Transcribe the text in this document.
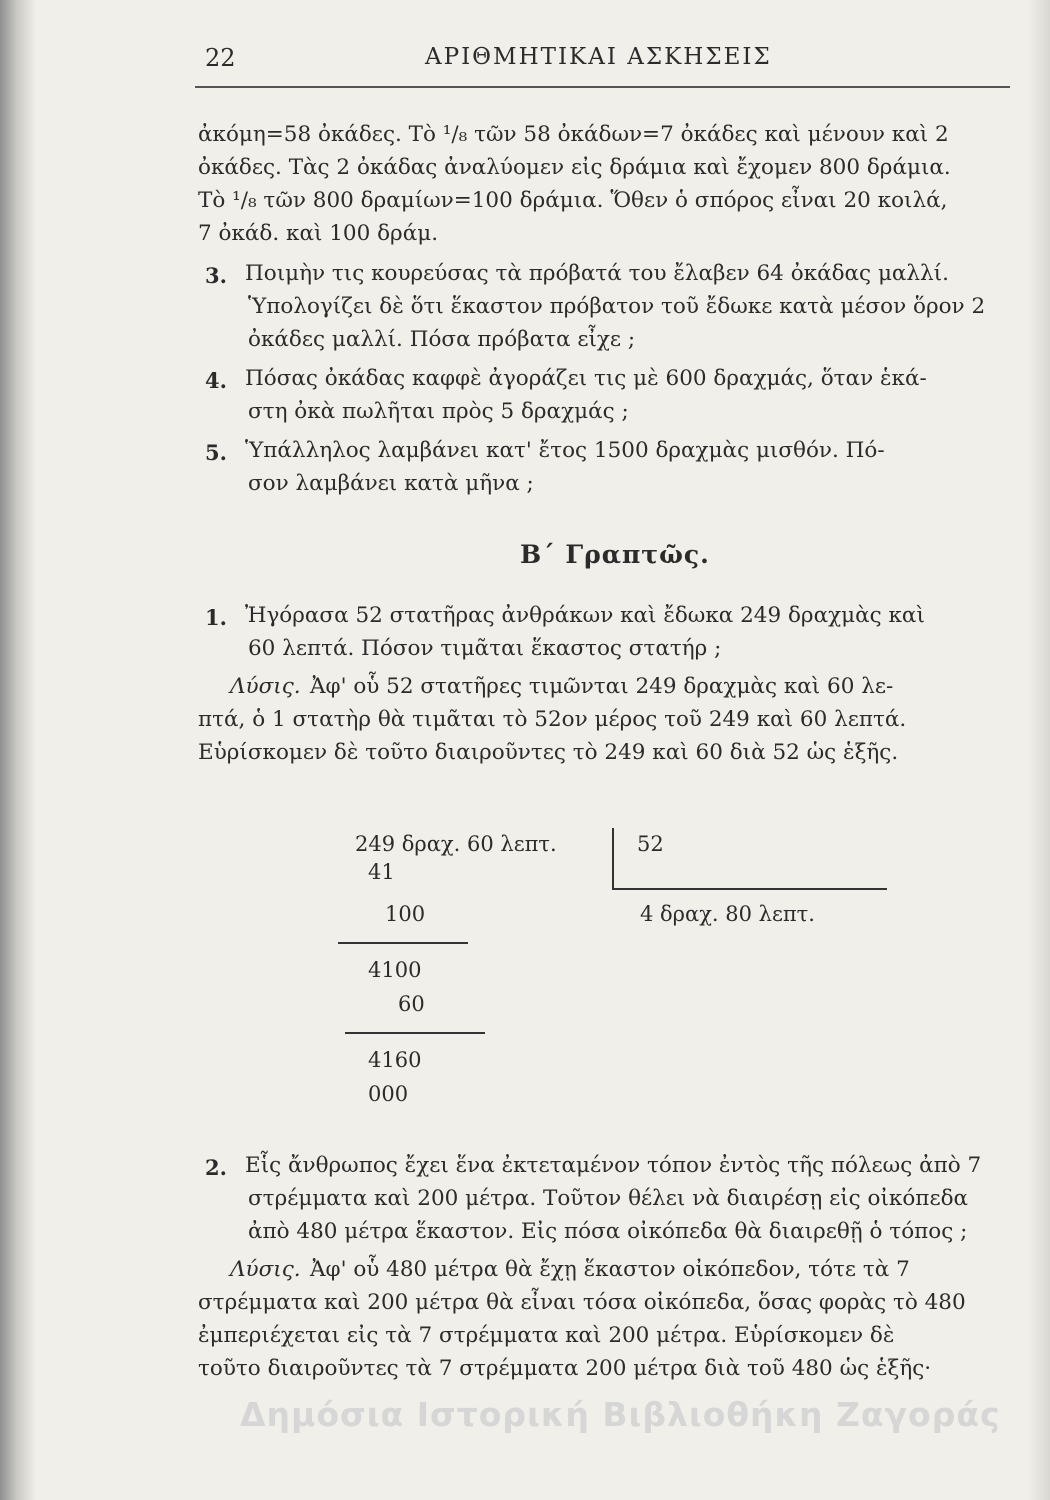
22	ΑΡΙΘΜΗΤΙΚΑΙ ΑΣΚΗΣΕΙΣ
ἀκόμη=58 ὀκάδες. Τὸ ¹/₈ τῶν 58 ὀκάδων=7 ὀκάδες καὶ μένουν καὶ 2
ὀκάδες. Τὰς 2 ὀκάδας ἀναλύομεν εἰς δράμια καὶ ἔχομεν 800 δράμια.
Τὸ ¹/₈ τῶν 800 δραμίων=100 δράμια. Ὅθεν ὁ σπόρος εἶναι 20 κοιλά,
7 ὀκάδ. καὶ 100 δράμ.
3. Ποιμὴν τις κουρεύσας τὰ πρόβατά του ἔλαβεν 64 ὀκάδας μαλλί.
Ὑπολογίζει δὲ ὅτι ἕκαστον πρόβατον τοῦ ἔδωκε κατὰ μέσον ὅρον 2
ὀκάδες μαλλί. Πόσα πρόβατα εἶχε ;
4. Πόσας ὀκάδας καφφὲ ἀγοράζει τις μὲ 600 δραχμάς, ὅταν ἑκά-
στη ὀκὰ πωλῆται πρὸς 5 δραχμάς ;
5. Ὑπάλληλος λαμβάνει κατ' ἔτος 1500 δραχμὰς μισθόν. Πό-
σον λαμβάνει κατὰ μῆνα ;
Β΄ Γραπτῶς.
1. Ἠγόρασα 52 στατῆρας ἀνθράκων καὶ ἔδωκα 249 δραχμὰς καὶ
60 λεπτά. Πόσον τιμᾶται ἕκαστος στατήρ ;
Λύσις. Ἀφ' οὗ 52 στατῆρες τιμῶνται 249 δραχμὰς καὶ 60 λε-
πτά, ὁ 1 στατὴρ θὰ τιμᾶται τὸ 52ον μέρος τοῦ 249 καὶ 60 λεπτά.
Εὑρίσκομεν δὲ τοῦτο διαιροῦντες τὸ 249 καὶ 60 διὰ 52 ὡς ἑξῆς.
249 δραχ. 60 λεπτ.	52
41
100	4 δραχ. 80 λεπτ.
4100
60
4160
000
2. Εἷς ἄνθρωπος ἔχει ἕνα ἐκτεταμένον τόπον ἐντὸς τῆς πόλεως ἀπὸ 7
στρέμματα καὶ 200 μέτρα. Τοῦτον θέλει νὰ διαιρέσῃ εἰς οἰκόπεδα
ἀπὸ 480 μέτρα ἕκαστον. Εἰς πόσα οἰκόπεδα θὰ διαιρεθῇ ὁ τόπος ;
Λύσις. Ἀφ' οὗ 480 μέτρα θὰ ἔχῃ ἕκαστον οἰκόπεδον, τότε τὰ 7
στρέμματα καὶ 200 μέτρα θὰ εἶναι τόσα οἰκόπεδα, ὅσας φορὰς τὸ 480
ἐμπεριέχεται εἰς τὰ 7 στρέμματα καὶ 200 μέτρα. Εὑρίσκομεν δὲ
τοῦτο διαιροῦντες τὰ 7 στρέμματα 200 μέτρα διὰ τοῦ 480 ὡς ἑξῆς·
Δημόσια Ιστορική Βιβλιοθήκη Ζαγοράς
